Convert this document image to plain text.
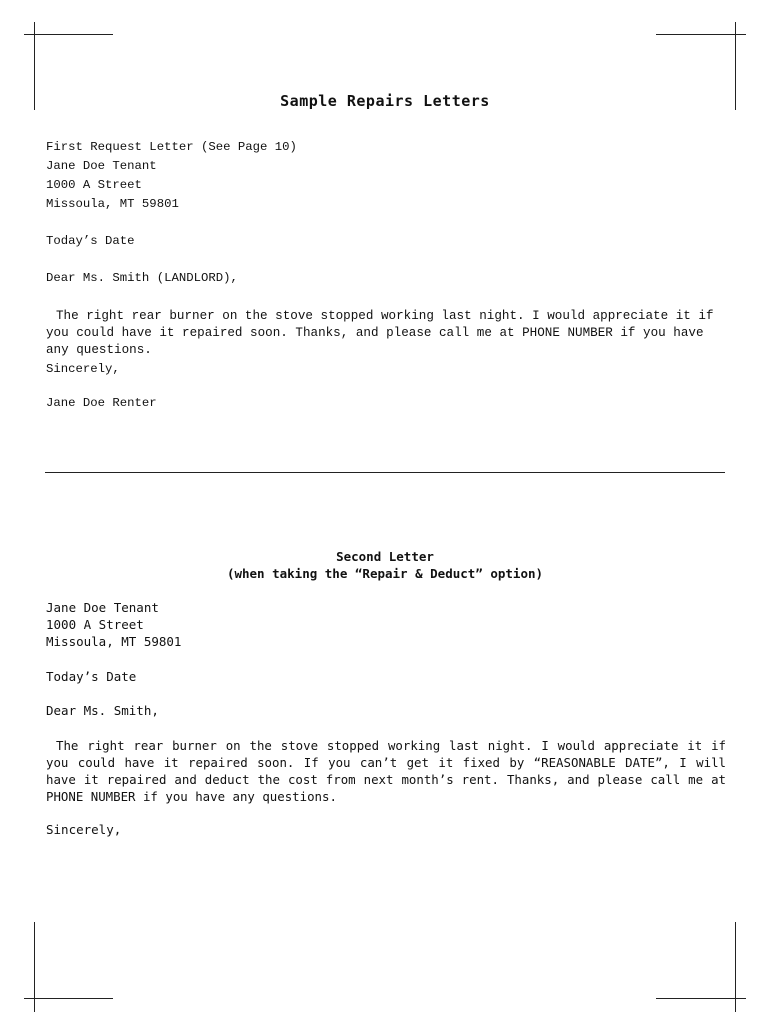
Sample Repairs Letters
First Request Letter (See Page 10)
Jane Doe Tenant
1000 A Street
Missoula, MT 59801
Today’s Date
Dear Ms. Smith (LANDLORD),
The right rear burner on the stove stopped working last night. I would appreciate it if you could have it repaired soon. Thanks, and please call me at PHONE NUMBER if you have any questions.
Sincerely,
Jane Doe Renter
Second Letter
(when taking the “Repair & Deduct” option)
Jane Doe Tenant
1000 A Street
Missoula, MT 59801
Today’s Date
Dear Ms. Smith,
The right rear burner on the stove stopped working last night. I would appreciate it if you could have it repaired soon. If you can’t get it fixed by “REASONABLE DATE”, I will have it repaired and deduct the cost from next month’s rent. Thanks, and please call me at PHONE NUMBER if you have any questions.
Sincerely,
